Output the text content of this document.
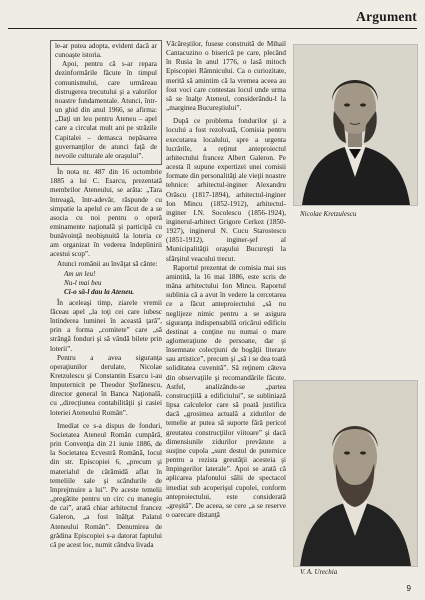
Argument

le-ar putea adopta, evident dacă ar cunoaşte istoria.

Apoi, pentru că s-ar repara dezinformările făcute în timpul comunismului, care urmăreau distrugerea trecutului şi a valorilor noastre fundamentale. Atunci, într-un ghid din anul 1966, se afirma: „Daţi un leu pentru Ateneu – apel care a circulat mult ani pe străzile Capitalei – demasca nepăsarea guvernanţilor de atunci faţă de nevoile culturale ale oraşului”.

În nota nr. 487 din 16 octombrie 1885 a lui C. Esarcu, prezentată membrilor Ateneului, se arăta: „Tara întreagă, într-adevăr, răspunde cu simpatie la apelul ce am făcut de a se asocia cu noi pentru o operă eminamente naţională şi participă cu bunăvoinţă neobişnuită la loteria ce am organizat în vederea îndeplinirii acestui scop”.

Atunci românii au învăţat să cânte:

Am un leu!
Nu-l mai beu
Ci-o să-l dau la Ateneu.

În aceleaşi timp, ziarele vremii făceau apel „la toţi cei care iubesc întinderea luminei în această ţară”, prin a forma „comitete” care „să strângă fonduri şi să vândă bilete prin loterii”.

Pentru a avea siguranţa operaţiunilor derulate, Nicolae Kretzulescu şi Constantin Esarcu i-au împuternicit pe Theodor Ştefănescu, director general în Banca Naţională, cu „direcţiunea contabilităţii şi casiei loteriei Ateneului Român”.

Imediat ce s-a dispus de fonduri, Societatea Ateneul Român cumpără, prin Convenţia din 21 iunie 1886, de la Societatea Ecvestră Română, locul din str. Episcopiei 6, „precum şi materialul de cărămidă aflat în temeliile sale şi scândurile de împrejmuire a lui”. Pe aceste temelii „pregătite pentru un circ cu manegiu de cai”, arată chiar arhitectul francez Galeron, „a fost înălţat Palatul Ateneului Român”. Denumirea de grădina Episcopiei s-a datorat faptului că pe acest loc, numit cândva livada

Văcăreştilor, fusese construită de Mihail Cantacuzino o biserică pe care, plecând în Rusia în anul 1776, o lasă mitoch Episcopiei Râmnicului. Ca o curiozitate, merită să amintim că la vremea aceea au fost voci care contestau locul unde urma să se înalţe Ateneul, considerându-l la „marginea Bucureştiului”.

După ce problema fondurilor şi a locului a fost rezolvată, Comisia pentru executarea localului, spre a urgenta lucrările, a reţinut anteproiectul arhitectului francez Albert Galeron. Pe acesta îl supune expertizei unei comisii formate din personalităţi ale vieţii noastre tehnice: arhitectul-inginer Alexandru Orăscu (1817-1894), arhitectul-inginer Ion Mincu (1852-1912), arhitectul-inginer I.N. Socolescu (1856-1924), inginerul-arhitect Grigore Cerkez (1850-1927), inginerul N. Cucu Starostescu (1851-1912), inginer-şef al Municipalităţii oraşului Bucureşti la sfârşitul veacului trecut.

Raportul prezentat de comisia mai sus amintită, la 16 mai 1886, este scris de mâna arhitectului Ion Mincu. Raportul sublinia că a avut în vedere la cercetarea ce a făcut anteproiectului „să nu neglijeze nimic pentru a se asigura siguranţa indispensabilă oricărui edificiu destinat a conţine nu numai o mare aglomeraţiune de persoane, dar şi însemnate colecţiuni de bogăţii literare sau artistice”, precum şi „să i se dea toată soliditatea cuvenită”. Să reţinem câteva din observaţiile şi recomandările făcute. Astfel, analizându-se „partea construcţiilă a edificiului”, se subliniază lipsa calculelor care să poată justifica dacă „grosimea actuală a zidurilor de temelie ar putea să suporte fără pericol greutatea construcţiilor viitoare” şi dacă dimensiunile zidurilor prevăzute a susţine cupola „sunt destul de puternice pentru a rezista greutăţii acesteia şi împingerilor laterale”. Apoi se arată că aplicarea plafonului sălii de spectacol imediat sub acoperişul cupolei, conform anteproiectului, este considerată „greşită”. De aceea, se cere „a se reserve o oarecare distanţă

Nicolae Kretzulescu
V. A. Urechia
9
